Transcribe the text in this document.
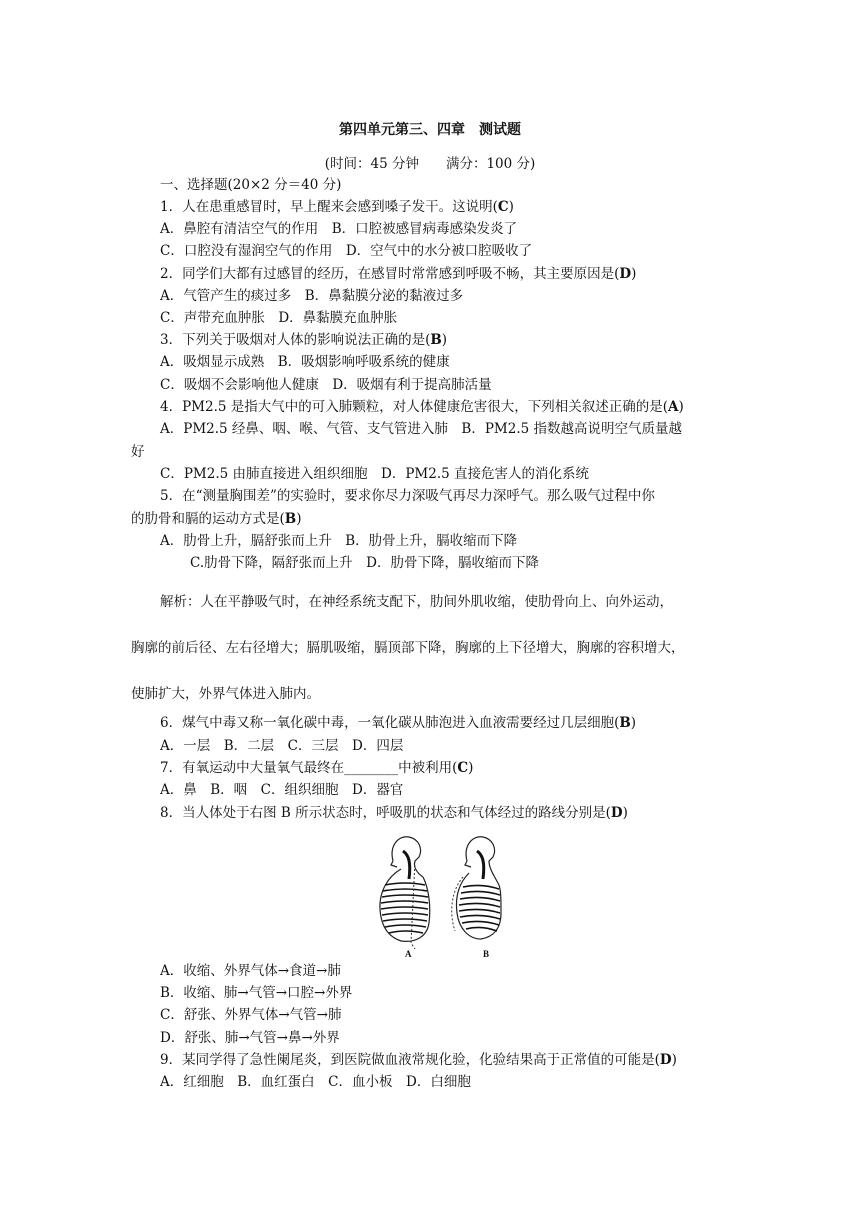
第四单元第三、四章　测试题
(时间：45 分钟　　满分：100 分)
一、选择题(20×2 分＝40 分)
1．人在患重感冒时，早上醒来会感到嗓子发干。这说明(C)
A．鼻腔有清洁空气的作用　B．口腔被感冒病毒感染发炎了
C．口腔没有湿润空气的作用　D．空气中的水分被口腔吸收了
2．同学们大都有过感冒的经历，在感冒时常常感到呼吸不畅，其主要原因是(D)
A．气管产生的痰过多　B．鼻黏膜分泌的黏液过多
C．声带充血肿胀　D．鼻黏膜充血肿胀
3．下列关于吸烟对人体的影响说法正确的是(B)
A．吸烟显示成熟　B．吸烟影响呼吸系统的健康
C．吸烟不会影响他人健康　D．吸烟有利于提高肺活量
4．PM2.5 是指大气中的可入肺颗粒，对人体健康危害很大，下列相关叙述正确的是(A)
A．PM2.5 经鼻、咽、喉、气管、支气管进入肺　B．PM2.5 指数越高说明空气质量越
好
C．PM2.5 由肺直接进入组织细胞　D．PM2.5 直接危害人的消化系统
5．在“测量胸围差”的实验时，要求你尽力深吸气再尽力深呼气。那么吸气过程中你
的肋骨和膈的运动方式是(B)
A．肋骨上升，膈舒张而上升　B．肋骨上升，膈收缩而下降
C.肋骨下降，隔舒张而上升　D．肋骨下降，膈收缩而下降
解析：人在平静吸气时，在神经系统支配下，肋间外肌收缩，使肋骨向上、向外运动，
胸廓的前后径、左右径增大；膈肌吸缩，膈顶部下降，胸廓的上下径增大，胸廓的容积增大，
使肺扩大，外界气体进入肺内。
6．煤气中毒又称一氧化碳中毒，一氧化碳从肺泡进入血液需要经过几层细胞(B)
A．一层　B．二层　C．三层　D．四层
7．有氧运动中大量氧气最终在________中被利用(C)
A．鼻　B．咽　C．组织细胞　D．器官
8．当人体处于右图 B 所示状态时，呼吸肌的状态和气体经过的路线分别是(D)
A	B
A．收缩、外界气体→食道→肺
B．收缩、肺→气管→口腔→外界
C．舒张、外界气体→气管→肺
D．舒张、肺→气管→鼻→外界
9．某同学得了急性阑尾炎，到医院做血液常规化验，化验结果高于正常值的可能是(D)
A．红细胞　B．血红蛋白　C．血小板　D．白细胞
